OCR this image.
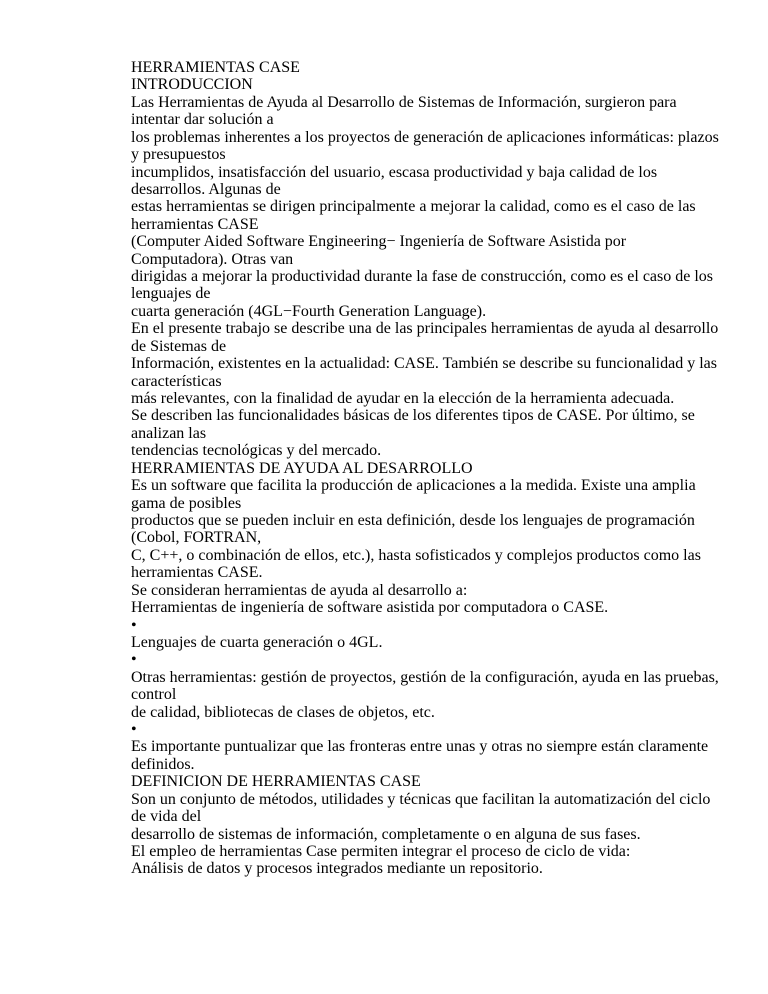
HERRAMIENTAS CASE
INTRODUCCION
Las Herramientas de Ayuda al Desarrollo de Sistemas de Información, surgieron para
intentar dar solución a
los problemas inherentes a los proyectos de generación de aplicaciones informáticas: plazos
y presupuestos
incumplidos, insatisfacción del usuario, escasa productividad y baja calidad de los
desarrollos. Algunas de
estas herramientas se dirigen principalmente a mejorar la calidad, como es el caso de las
herramientas CASE
(Computer Aided Software Engineering− Ingeniería de Software Asistida por
Computadora). Otras van
dirigidas a mejorar la productividad durante la fase de construcción, como es el caso de los
lenguajes de
cuarta generación (4GL−Fourth Generation Language).
En el presente trabajo se describe una de las principales herramientas de ayuda al desarrollo
de Sistemas de
Información, existentes en la actualidad: CASE. También se describe su funcionalidad y las
características
más relevantes, con la finalidad de ayudar en la elección de la herramienta adecuada.
Se describen las funcionalidades básicas de los diferentes tipos de CASE. Por último, se
analizan las
tendencias tecnológicas y del mercado.
HERRAMIENTAS DE AYUDA AL DESARROLLO
Es un software que facilita la producción de aplicaciones a la medida. Existe una amplia
gama de posibles
productos que se pueden incluir en esta definición, desde los lenguajes de programación
(Cobol, FORTRAN,
C, C++, o combinación de ellos, etc.), hasta sofisticados y complejos productos como las
herramientas CASE.
Se consideran herramientas de ayuda al desarrollo a:
Herramientas de ingeniería de software asistida por computadora o CASE.
•
Lenguajes de cuarta generación o 4GL.
•
Otras herramientas: gestión de proyectos, gestión de la configuración, ayuda en las pruebas,
control
de calidad, bibliotecas de clases de objetos, etc.
•
Es importante puntualizar que las fronteras entre unas y otras no siempre están claramente
definidos.
DEFINICION DE HERRAMIENTAS CASE
Son un conjunto de métodos, utilidades y técnicas que facilitan la automatización del ciclo
de vida del
desarrollo de sistemas de información, completamente o en alguna de sus fases.
El empleo de herramientas Case permiten integrar el proceso de ciclo de vida:
Análisis de datos y procesos integrados mediante un repositorio.
